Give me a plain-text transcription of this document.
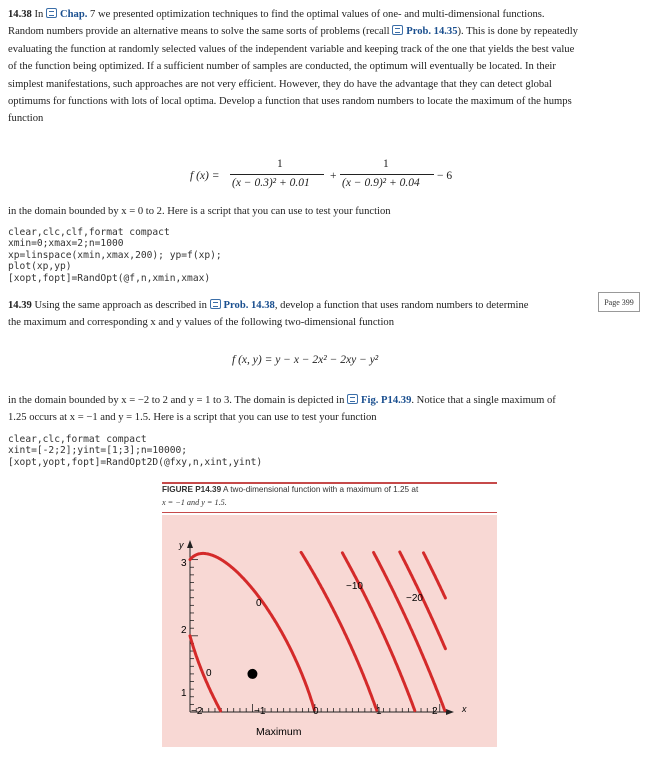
14.38 In Chap. 7 we presented optimization techniques to find the optimal values of one- and multi-dimensional functions.
Random numbers provide an alternative means to solve the same sorts of problems (recall Prob. 14.35). This is done by repeatedly
evaluating the function at randomly selected values of the independent variable and keeping track of the one that yields the best value
of the function being optimized. If a sufficient number of samples are conducted, the optimum will eventually be located. In their
simplest manifestations, such approaches are not very efficient. However, they do have the advantage that they can detect global
optimums for functions with lots of local optima. Develop a function that uses random numbers to locate the maximum of the humps
function
f (x) =
1
(x − 0.3)² + 0.01
+
1
(x − 0.9)² + 0.04
− 6
in the domain bounded by x = 0 to 2. Here is a script that you can use to test your function
clear,clc,clf,format compact
xmin=0;xmax=2;n=1000
xp=linspace(xmin,xmax,200); yp=f(xp);
plot(xp,yp)
[xopt,fopt]=RandOpt(@f,n,xmin,xmax)
14.39 Using the same approach as described in Prob. 14.38, develop a function that uses random numbers to determine
the maximum and corresponding x and y values of the following two-dimensional function
Page 399
f (x, y) = y − x − 2x² − 2xy − y²
in the domain bounded by x = −2 to 2 and y = 1 to 3. The domain is depicted in Fig. P14.39. Notice that a single maximum of
1.25 occurs at x = −1 and y = 1.5. Here is a script that you can use to test your function
clear,clc,format compact
xint=[-2;2];yint=[1;3];n=10000;
[xopt,yopt,fopt]=RandOpt2D(@fxy,n,xint,yint)
FIGURE P14.39 A two-dimensional function with a maximum of 1.25 at
x = −1 and y = 1.5.
y
x
−2	−1	0	1	2
1
2
3
0
0
−10
−20
Maximum
